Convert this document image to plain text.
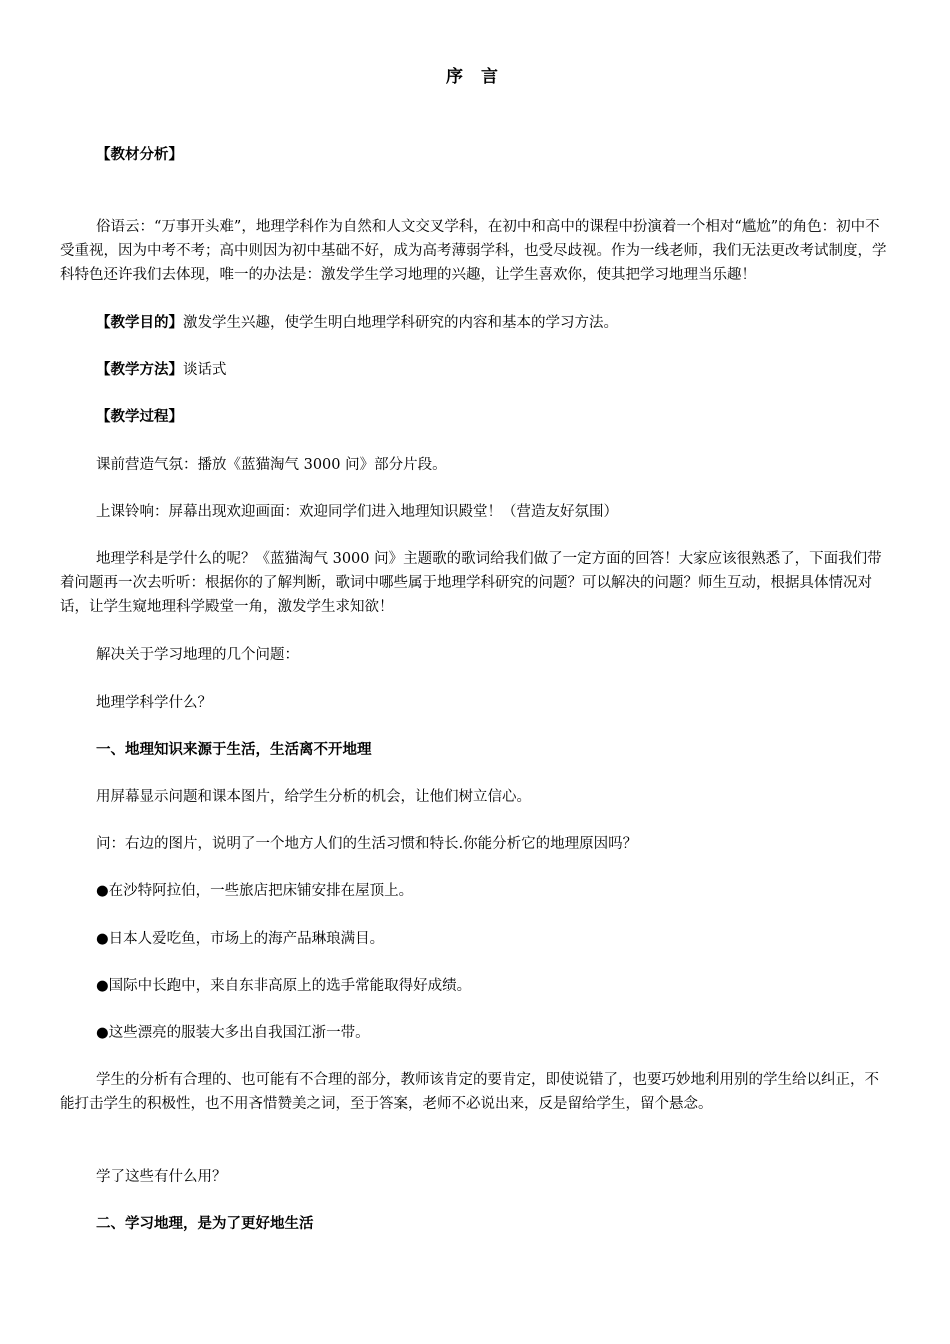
序 言

【教材分析】

俗语云：“万事开头难”，地理学科作为自然和人文交叉学科，在初中和高中的课程中扮演着一个相对“尴尬”的角色：初中不受重视，因为中考不考；高中则因为初中基础不好，成为高考薄弱学科，也受尽歧视。作为一线老师，我们无法更改考试制度，学科特色还许我们去体现，唯一的办法是：激发学生学习地理的兴趣，让学生喜欢你，使其把学习地理当乐趣！

【教学目的】激发学生兴趣，使学生明白地理学科研究的内容和基本的学习方法。

【教学方法】谈话式

【教学过程】

课前营造气氛：播放《蓝猫淘气 3000 问》部分片段。

上课铃响：屏幕出现欢迎画面：欢迎同学们进入地理知识殿堂！（营造友好氛围）

地理学科是学什么的呢？《蓝猫淘气 3000 问》主题歌的歌词给我们做了一定方面的回答！大家应该很熟悉了，下面我们带着问题再一次去听听：根据你的了解判断，歌词中哪些属于地理学科研究的问题？可以解决的问题？师生互动，根据具体情况对话，让学生窥地理科学殿堂一角，激发学生求知欲！

解决关于学习地理的几个问题：

地理学科学什么？

一、地理知识来源于生活，生活离不开地理

用屏幕显示问题和课本图片，给学生分析的机会，让他们树立信心。

问：右边的图片，说明了一个地方人们的生活习惯和特长.你能分析它的地理原因吗？

●在沙特阿拉伯，一些旅店把床铺安排在屋顶上。

●日本人爱吃鱼，市场上的海产品琳琅满目。

●国际中长跑中，来自东非高原上的选手常能取得好成绩。

●这些漂亮的服装大多出自我国江浙一带。

学生的分析有合理的、也可能有不合理的部分，教师该肯定的要肯定，即使说错了，也要巧妙地利用别的学生给以纠正，不能打击学生的积极性，也不用吝惜赞美之词，至于答案，老师不必说出来，反是留给学生，留个悬念。

学了这些有什么用？

二、学习地理，是为了更好地生活
